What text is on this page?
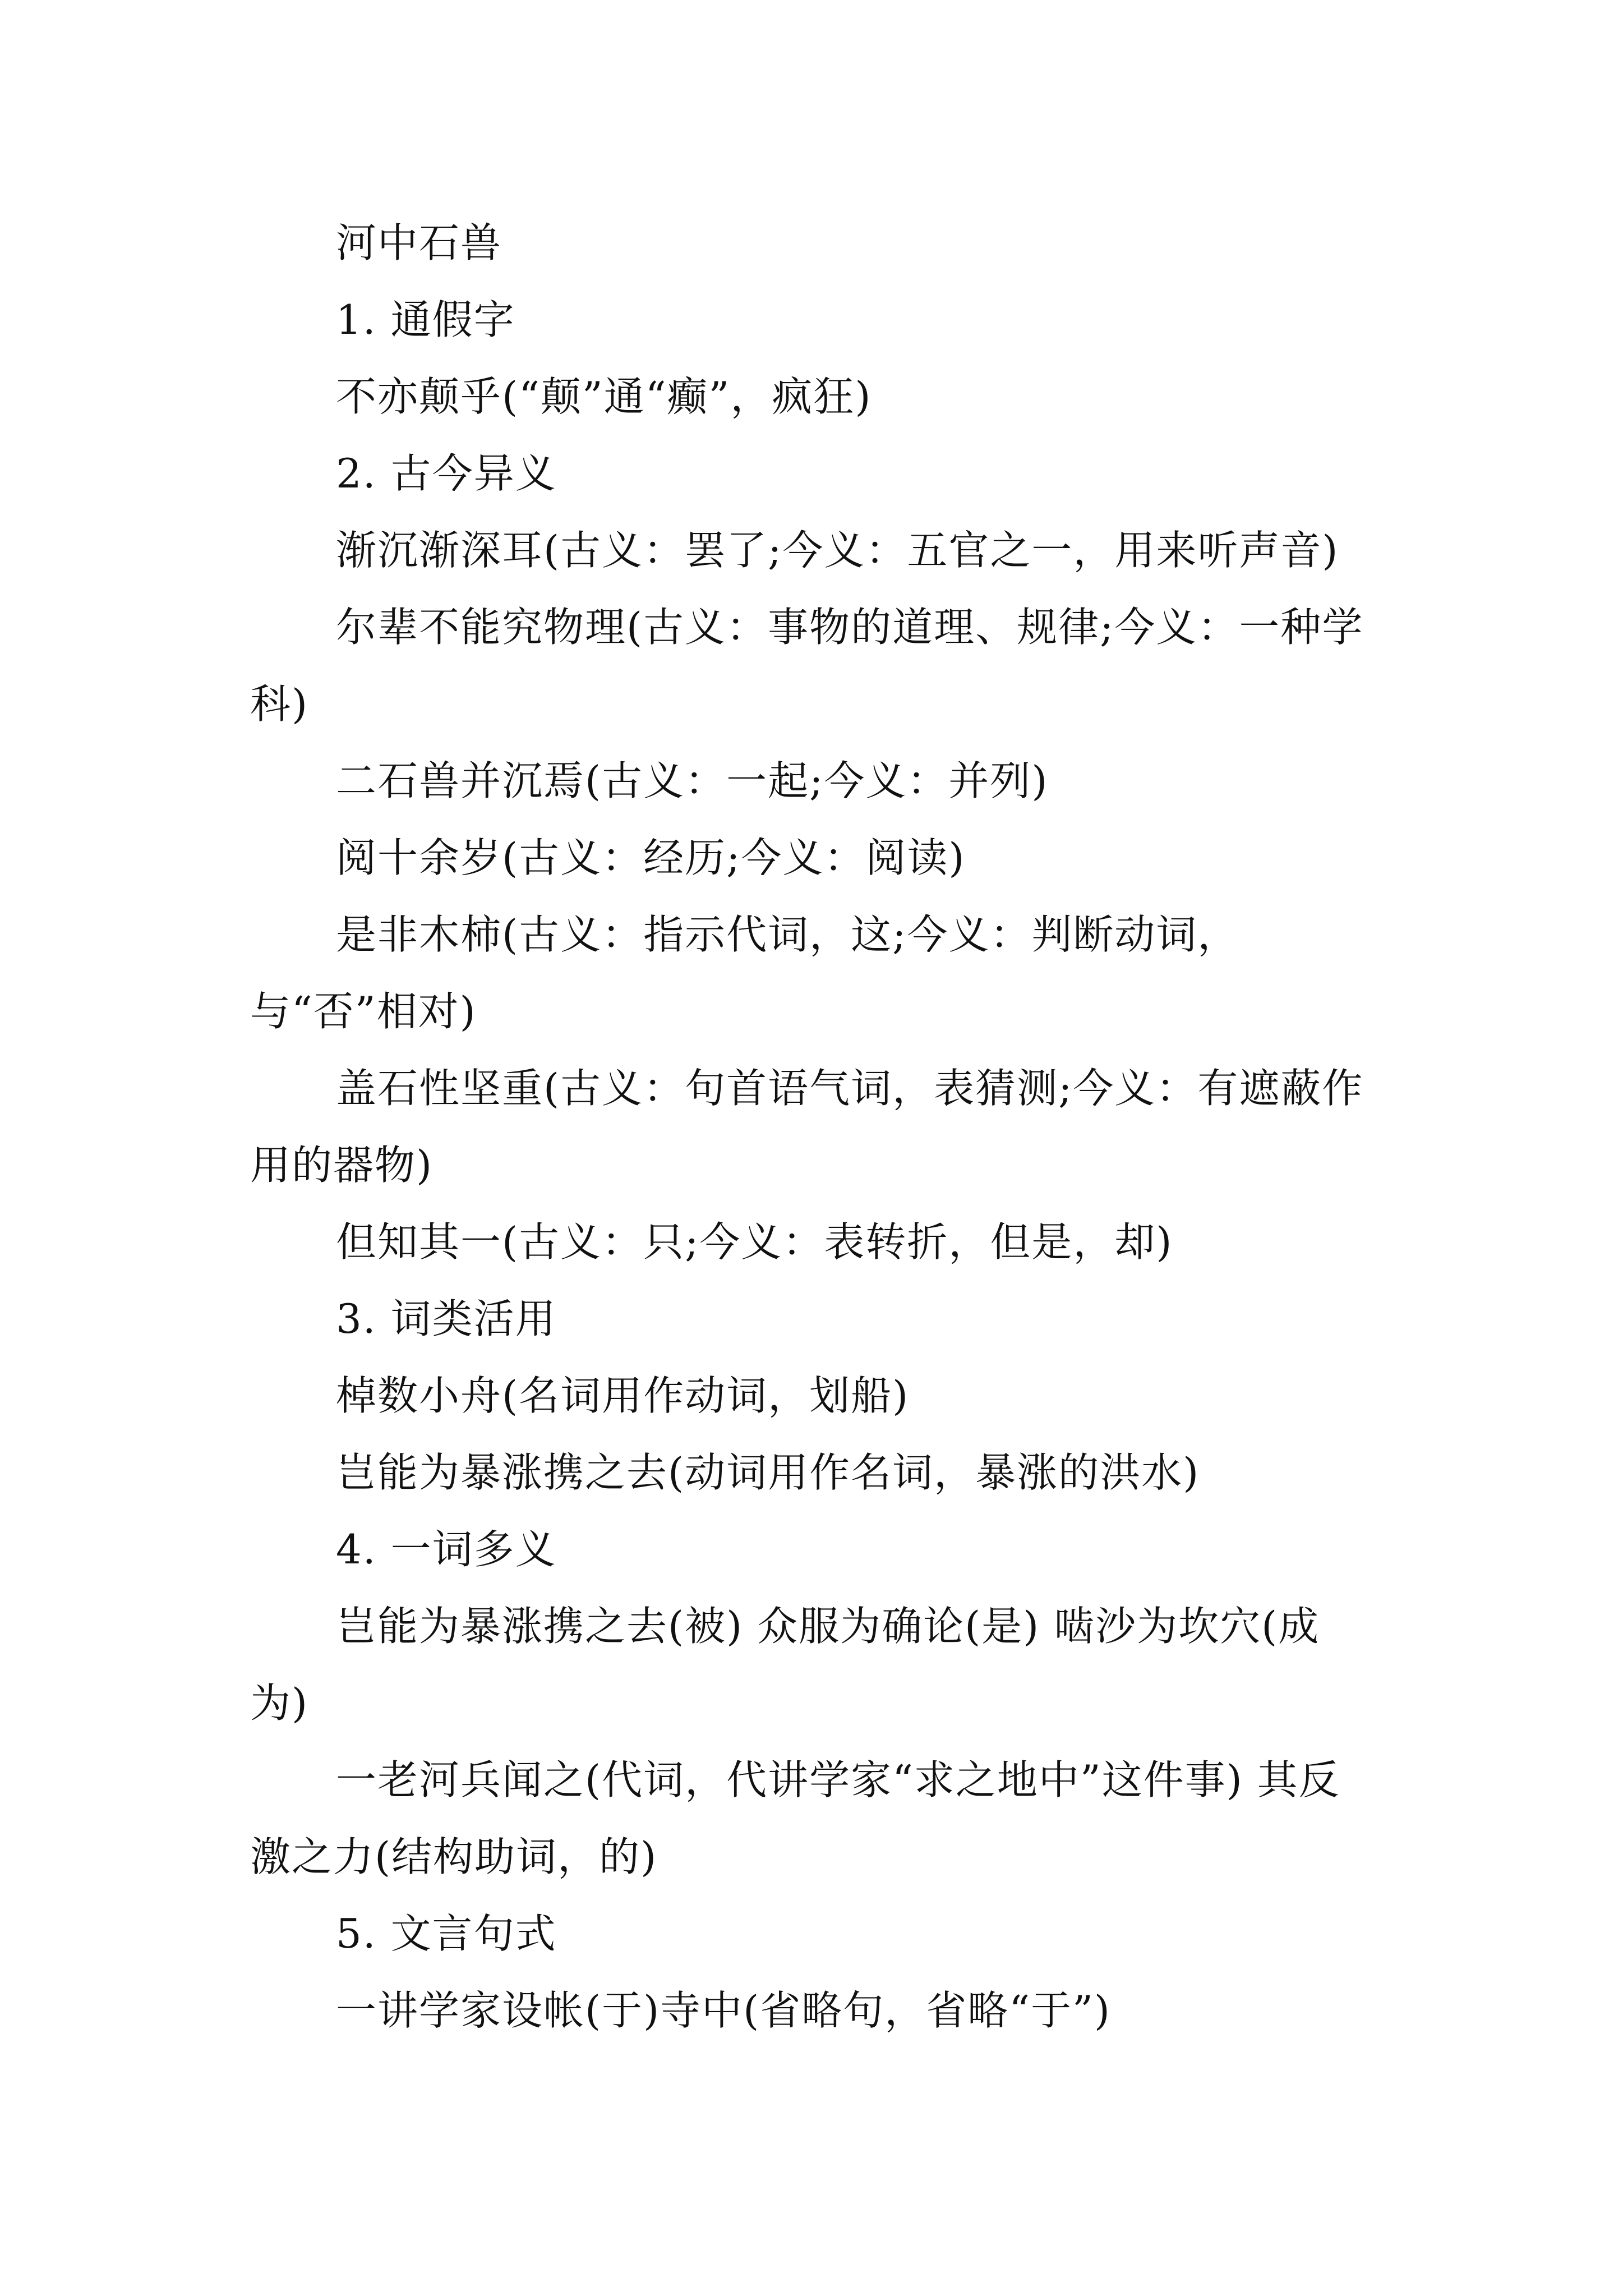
河中石兽

1. 通假字

不亦颠乎(“颠”通“癫”，疯狂)

2. 古今异义

渐沉渐深耳(古义：罢了;今义：五官之一，用来听声音)

尔辈不能究物理(古义：事物的道理、规律;今义：一种学科)

二石兽并沉焉(古义：一起;今义：并列)

阅十余岁(古义：经历;今义：阅读)

是非木柿(古义：指示代词，这;今义：判断动词，与“否”相对)

盖石性坚重(古义：句首语气词，表猜测;今义：有遮蔽作用的器物)

但知其一(古义：只;今义：表转折，但是，却)

3. 词类活用

棹数小舟(名词用作动词，划船)

岂能为暴涨携之去(动词用作名词，暴涨的洪水)

4. 一词多义

岂能为暴涨携之去(被) 众服为确论(是) 啮沙为坎穴(成为)

一老河兵闻之(代词，代讲学家“求之地中”这件事) 其反激之力(结构助词，的)

5. 文言句式

一讲学家设帐(于)寺中(省略句，省略“于”)
